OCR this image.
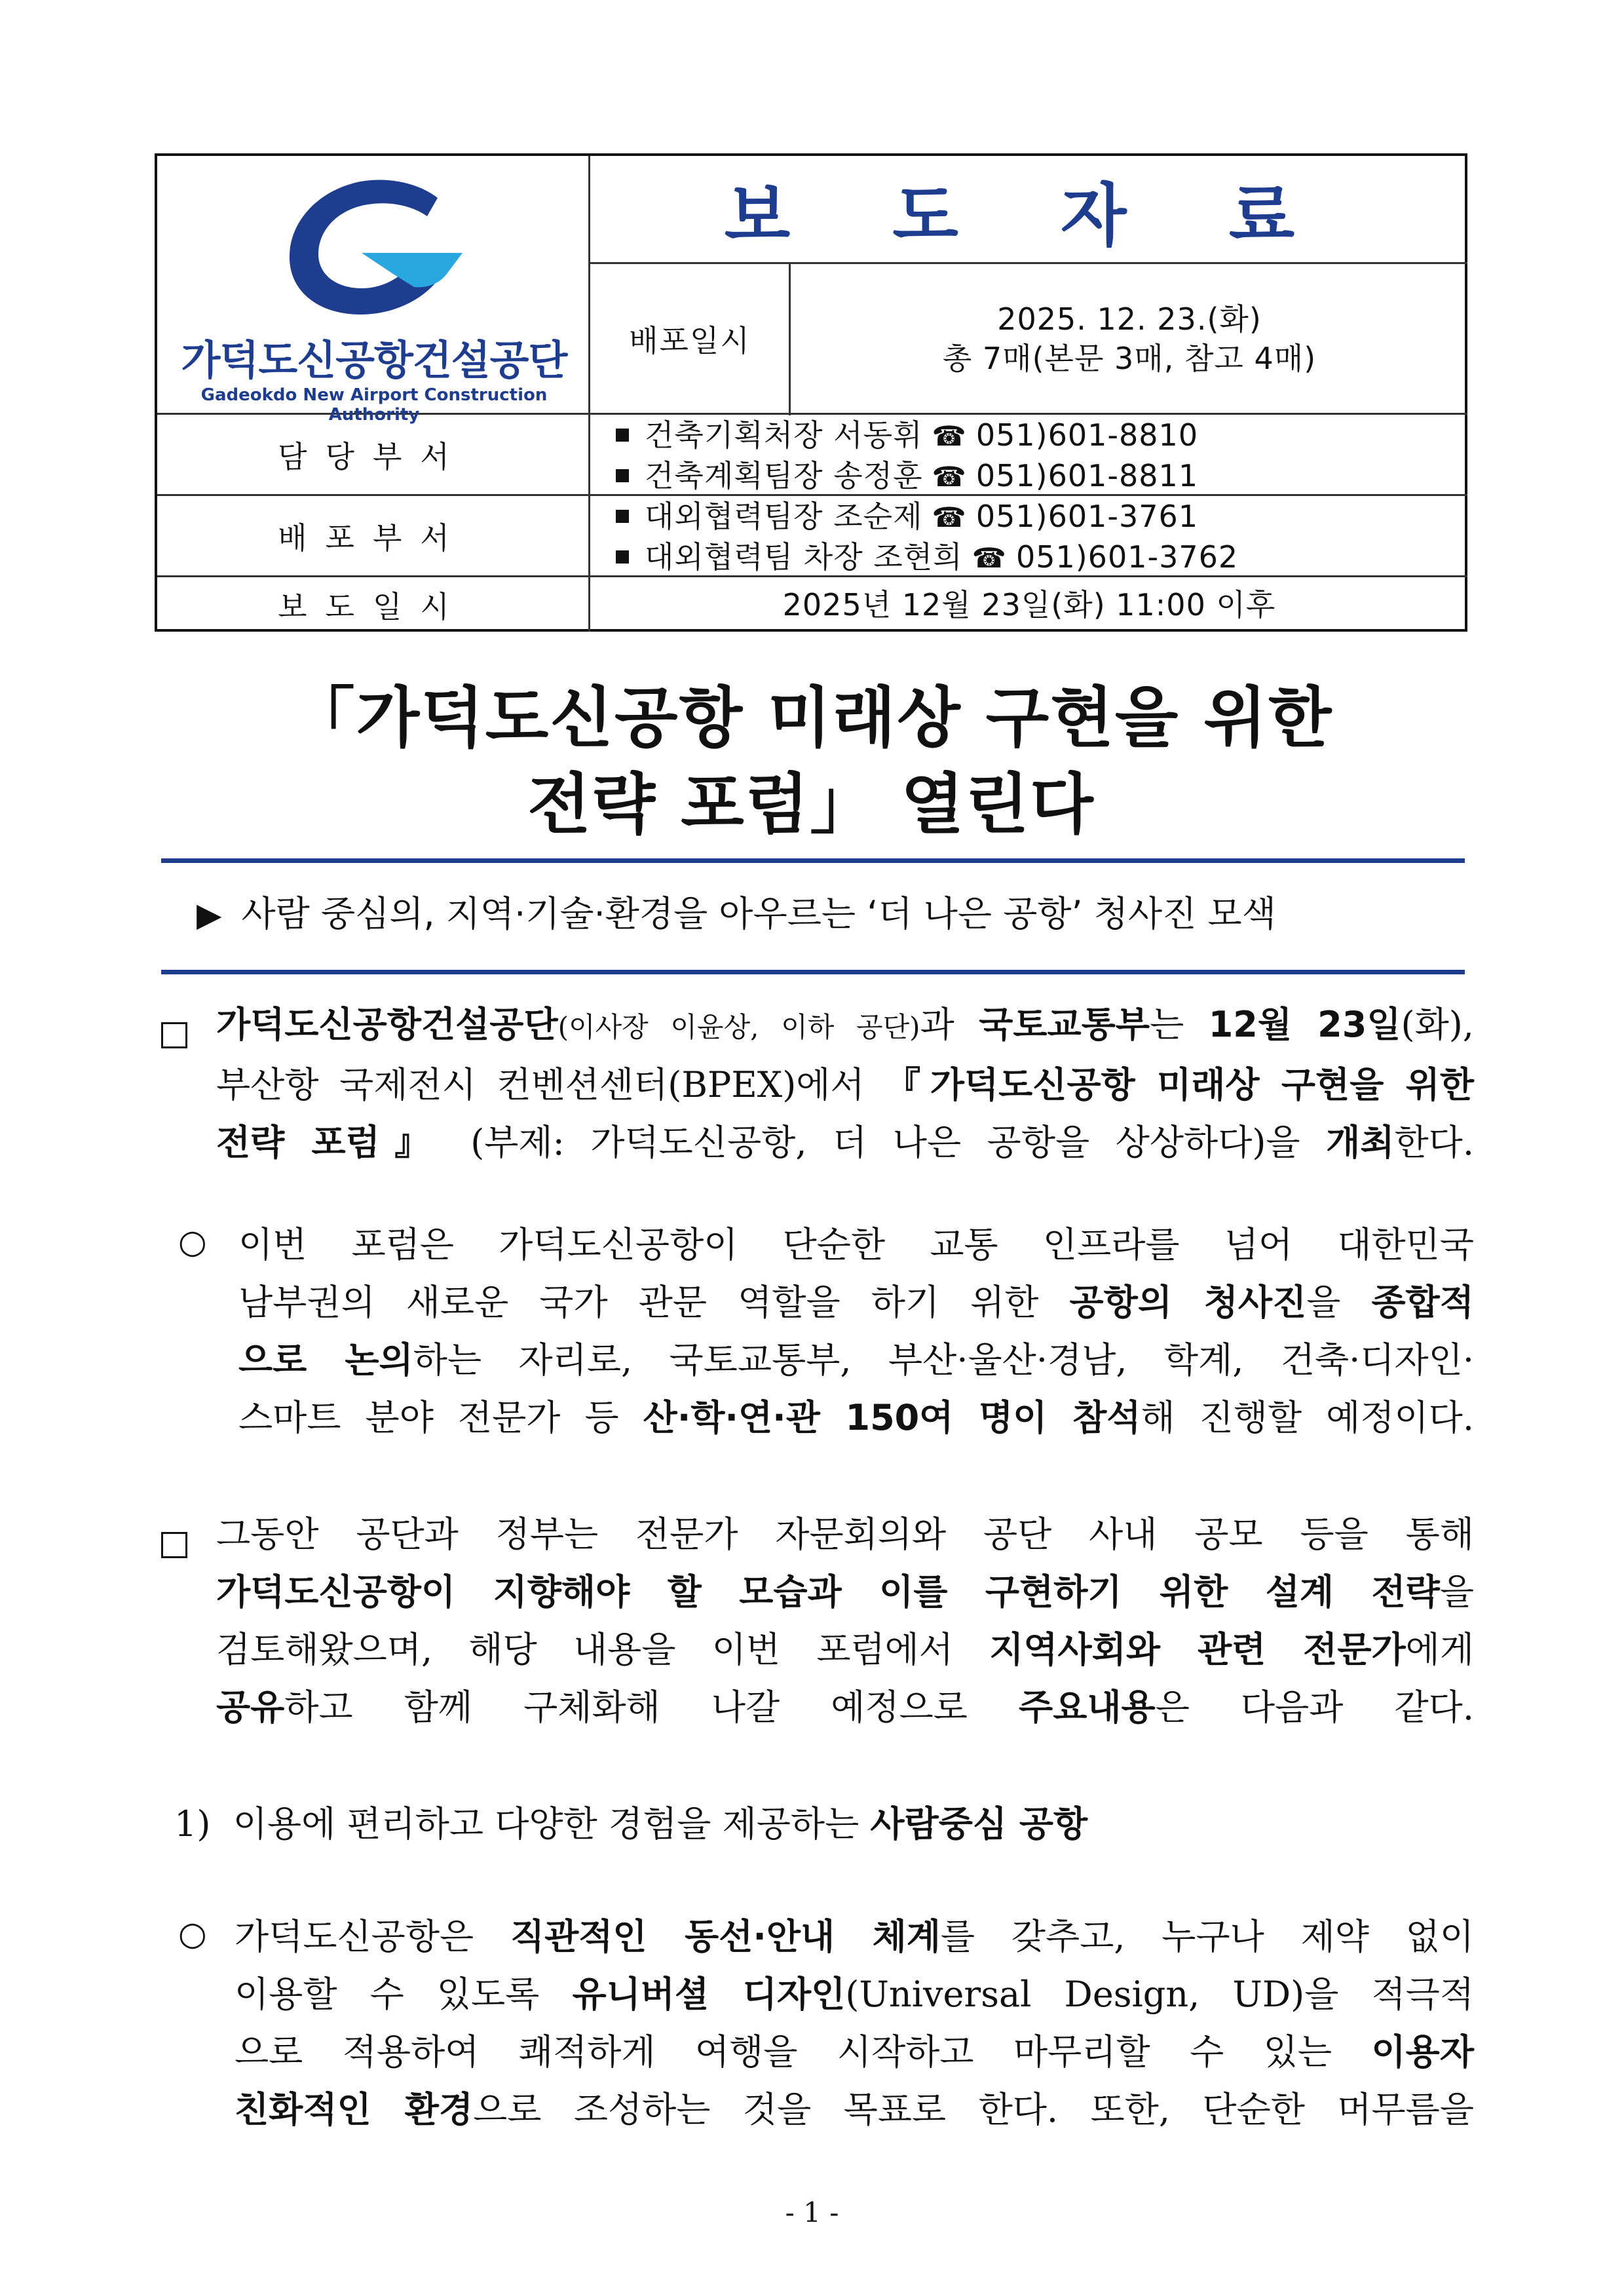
가덕도신공항건설공단
Gadeokdo New Airport Construction Authority
보 도 자 료
배포일시
2025. 12. 23.(화)
총 7매(본문 3매, 참고 4매)
담당부서
건축기획처장 서동휘 ☎ 051)601-8810
건축계획팀장 송정훈 ☎ 051)601-8811
배포부서
대외협력팀장 조순제 ☎ 051)601-3761
대외협력팀 차장 조현희 ☎ 051)601-3762
보도일시	2025년 12월 23일(화) 11:00 이후
「가덕도신공항 미래상 구현을 위한
전략 포럼」 열린다
▶ 사람 중심의, 지역·기술·환경을 아우르는 ‘더 나은 공항’ 청사진 모색
가덕도신공항건설공단(이사장 이윤상, 이하 공단)과 국토교통부는 12월 23일(화),
부산항 국제전시 컨벤션센터(BPEX)에서 『가덕도신공항 미래상 구현을 위한
전략 포럼』 (부제: 가덕도신공항, 더 나은 공항을 상상하다)을 개최한다.
○ 이번 포럼은 가덕도신공항이 단순한 교통 인프라를 넘어 대한민국
남부권의 새로운 국가 관문 역할을 하기 위한 공항의 청사진을 종합적
으로 논의하는 자리로, 국토교통부, 부산·울산·경남, 학계, 건축·디자인·
스마트 분야 전문가 등 산·학·연·관 150여 명이 참석해 진행할 예정이다.
그동안 공단과 정부는 전문가 자문회의와 공단 사내 공모 등을 통해
가덕도신공항이 지향해야 할 모습과 이를 구현하기 위한 설계 전략을
검토해왔으며, 해당 내용을 이번 포럼에서 지역사회와 관련 전문가에게
공유하고 함께 구체화해 나갈 예정으로 주요내용은 다음과 같다.
1) 이용에 편리하고 다양한 경험을 제공하는 사람중심 공항
○ 가덕도신공항은 직관적인 동선·안내 체계를 갖추고, 누구나 제약 없이
이용할 수 있도록 유니버셜 디자인(Universal Design, UD)을 적극적
으로 적용하여 쾌적하게 여행을 시작하고 마무리할 수 있는 이용자
친화적인 환경으로 조성하는 것을 목표로 한다. 또한, 단순한 머무름을
- 1 -
